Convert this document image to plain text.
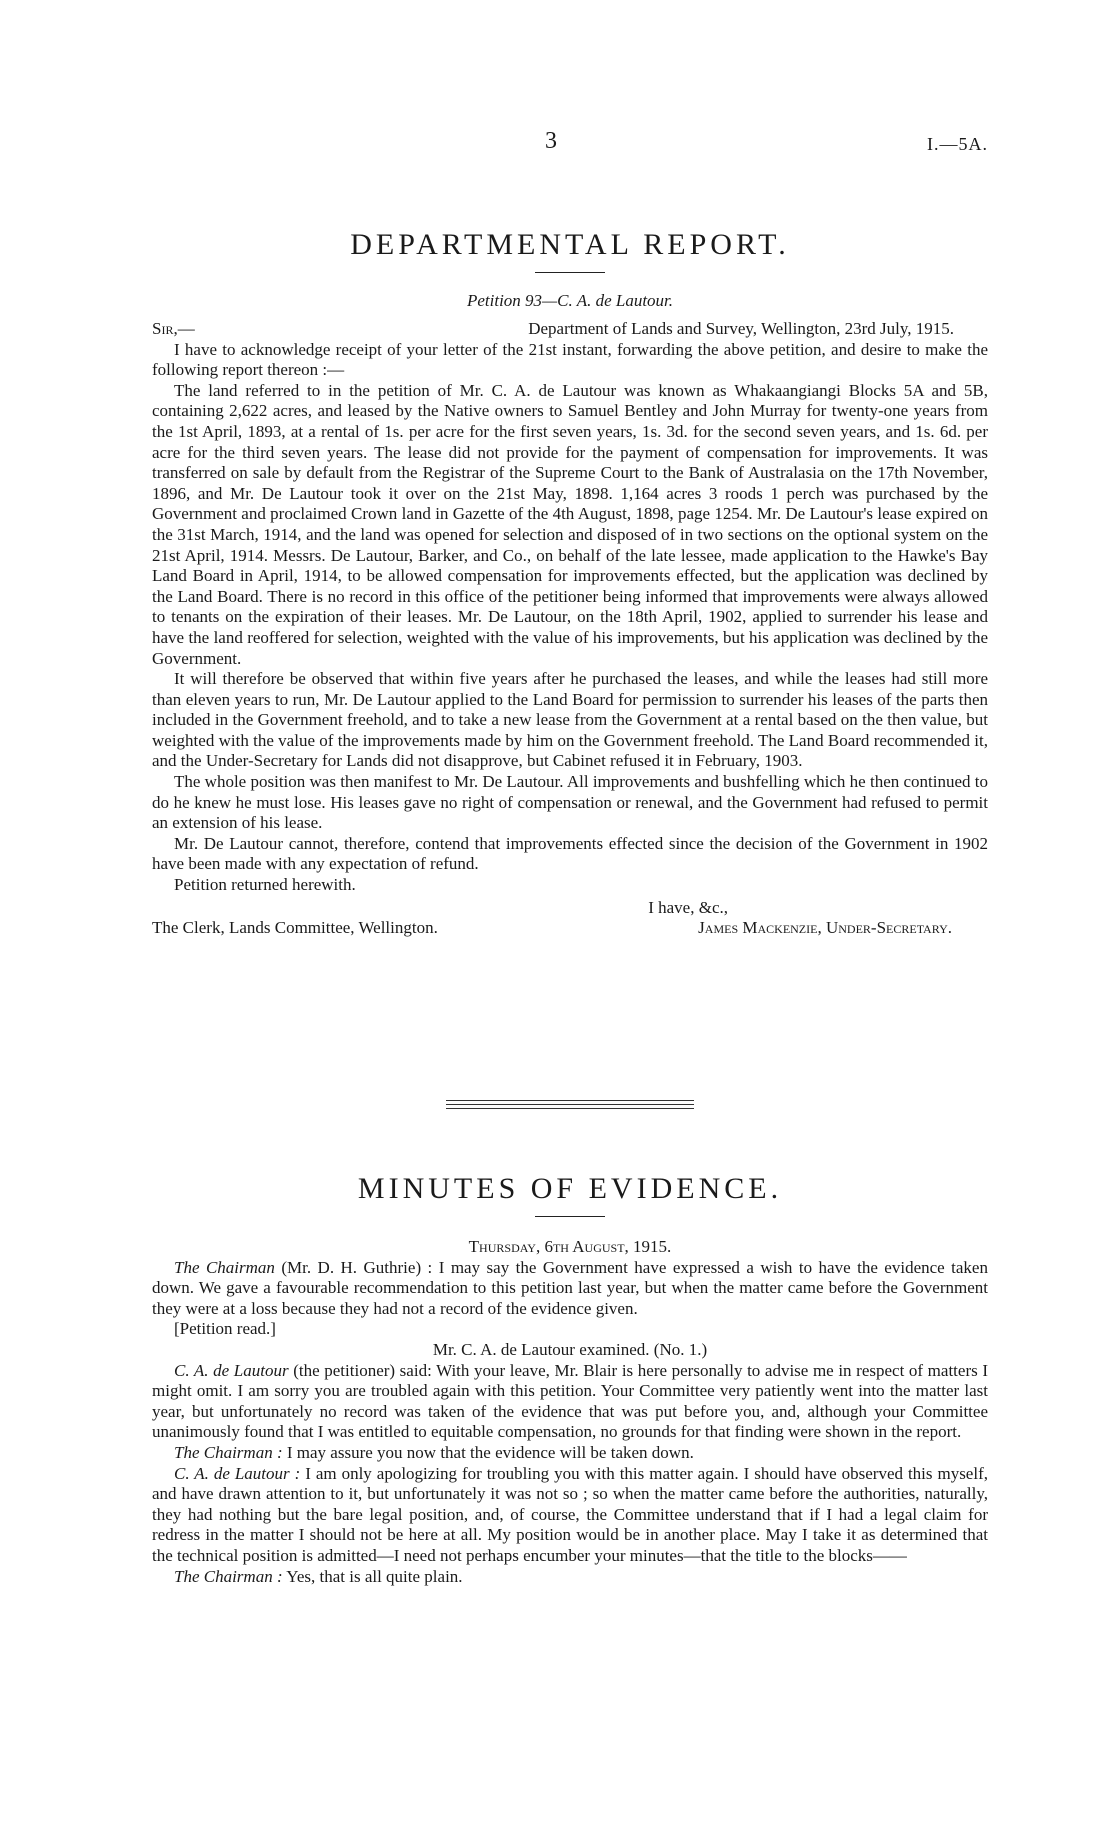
3	I.—5A.
DEPARTMENTAL REPORT.
Petition 93—C. A. de Lautour.
Sir,—	Department of Lands and Survey, Wellington, 23rd July, 1915.

I have to acknowledge receipt of your letter of the 21st instant, forwarding the above petition, and desire to make the following report thereon :—

The land referred to in the petition of Mr. C. A. de Lautour was known as Whakaangiangi Blocks 5A and 5B, containing 2,622 acres, and leased by the Native owners to Samuel Bentley and John Murray for twenty-one years from the 1st April, 1893, at a rental of 1s. per acre for the first seven years, 1s. 3d. for the second seven years, and 1s. 6d. per acre for the third seven years. The lease did not provide for the payment of compensation for improvements. It was transferred on sale by default from the Registrar of the Supreme Court to the Bank of Australasia on the 17th November, 1896, and Mr. De Lautour took it over on the 21st May, 1898. 1,164 acres 3 roods 1 perch was purchased by the Government and proclaimed Crown land in Gazette of the 4th August, 1898, page 1254. Mr. De Lautour's lease expired on the 31st March, 1914, and the land was opened for selection and disposed of in two sections on the optional system on the 21st April, 1914. Messrs. De Lautour, Barker, and Co., on behalf of the late lessee, made application to the Hawke's Bay Land Board in April, 1914, to be allowed compensation for improvements effected, but the application was declined by the Land Board. There is no record in this office of the petitioner being informed that improvements were always allowed to tenants on the expiration of their leases. Mr. De Lautour, on the 18th April, 1902, applied to surrender his lease and have the land reoffered for selection, weighted with the value of his improvements, but his application was declined by the Government.

It will therefore be observed that within five years after he purchased the leases, and while the leases had still more than eleven years to run, Mr. De Lautour applied to the Land Board for permission to surrender his leases of the parts then included in the Government freehold, and to take a new lease from the Government at a rental based on the then value, but weighted with the value of the improvements made by him on the Government freehold. The Land Board recommended it, and the Under-Secretary for Lands did not disapprove, but Cabinet refused it in February, 1903.

The whole position was then manifest to Mr. De Lautour. All improvements and bushfelling which he then continued to do he knew he must lose. His leases gave no right of compensation or renewal, and the Government had refused to permit an extension of his lease.

Mr. De Lautour cannot, therefore, contend that improvements effected since the decision of the Government in 1902 have been made with any expectation of refund.

Petition returned herewith.

I have, &c.,
The Clerk, Lands Committee, Wellington.	James Mackenzie, Under-Secretary.
MINUTES OF EVIDENCE.
Thursday, 6th August, 1915.

The Chairman (Mr. D. H. Guthrie) : I may say the Government have expressed a wish to have the evidence taken down. We gave a favourable recommendation to this petition last year, but when the matter came before the Government they were at a loss because they had not a record of the evidence given.

[Petition read.]

Mr. C. A. de Lautour examined. (No. 1.)

C. A. de Lautour (the petitioner) said: With your leave, Mr. Blair is here personally to advise me in respect of matters I might omit. I am sorry you are troubled again with this petition. Your Committee very patiently went into the matter last year, but unfortunately no record was taken of the evidence that was put before you, and, although your Committee unanimously found that I was entitled to equitable compensation, no grounds for that finding were shown in the report.

The Chairman : I may assure you now that the evidence will be taken down.

C. A. de Lautour : I am only apologizing for troubling you with this matter again. I should have observed this myself, and have drawn attention to it, but unfortunately it was not so ; so when the matter came before the authorities, naturally, they had nothing but the bare legal position, and, of course, the Committee understand that if I had a legal claim for redress in the matter I should not be here at all. My position would be in another place. May I take it as determined that the technical position is admitted—I need not perhaps encumber your minutes—that the title to the blocks——

The Chairman : Yes, that is all quite plain.
